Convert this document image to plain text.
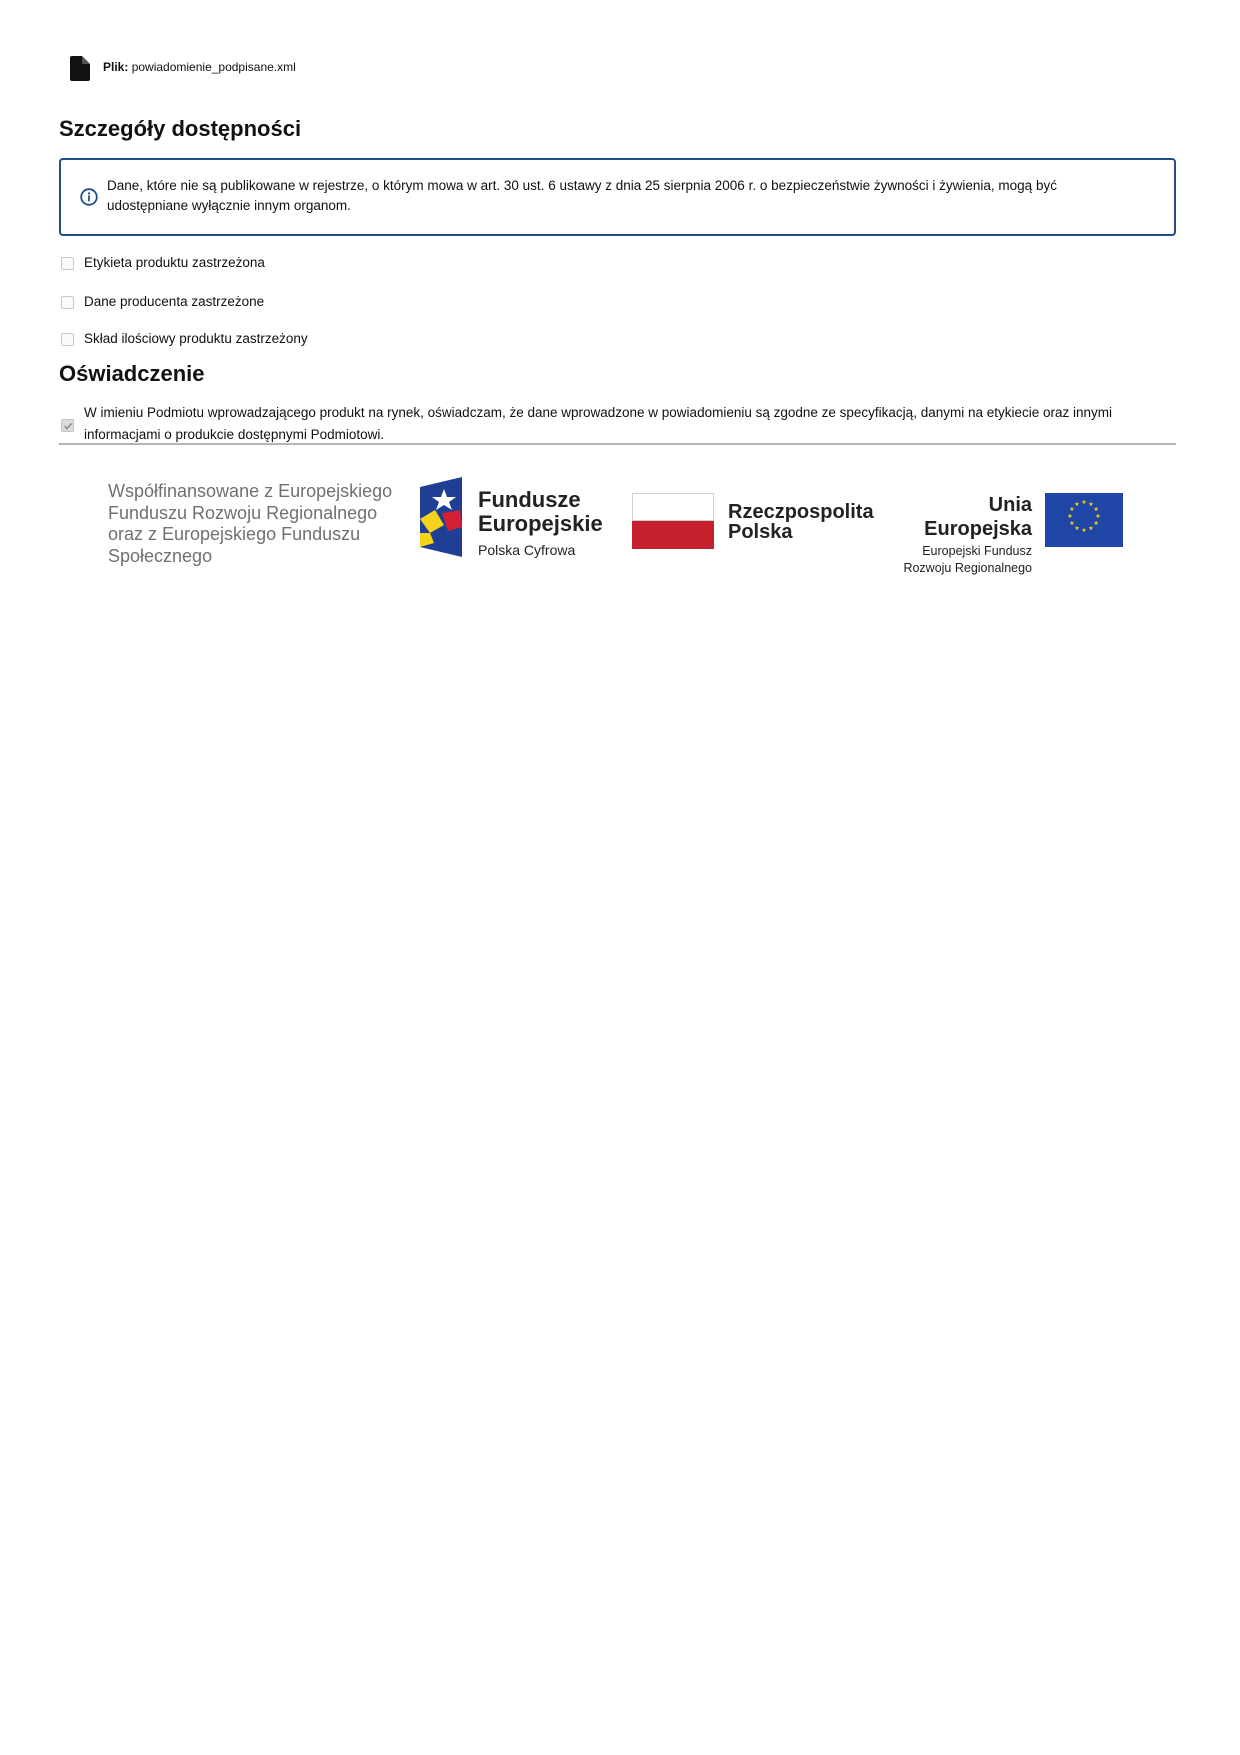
Plik: powiadomienie_podpisane.xml
Szczegóły dostępności
Dane, które nie są publikowane w rejestrze, o którym mowa w art. 30 ust. 6 ustawy z dnia 25 sierpnia 2006 r. o bezpieczeństwie żywności i żywienia, mogą być udostępniane wyłącznie innym organom.
Etykieta produktu zastrzeżona
Dane producenta zastrzeżone
Skład ilościowy produktu zastrzeżony
Oświadczenie
W imieniu Podmiotu wprowadzającego produkt na rynek, oświadczam, że dane wprowadzone w powiadomieniu są zgodne ze specyfikacją, danymi na etykiecie oraz innymi informacjami o produkcie dostępnymi Podmiotowi.
Współfinansowane z Europejskiego Funduszu Rozwoju Regionalnego oraz z Europejskiego Funduszu Społecznego
Fundusze
Europejskie
Polska Cyfrowa
Rzeczpospolita
Polska
Unia Europejska
Europejski Fundusz
Rozwoju Regionalnego
★ ★
★
★
★
★
★
★
★
★
★
★
